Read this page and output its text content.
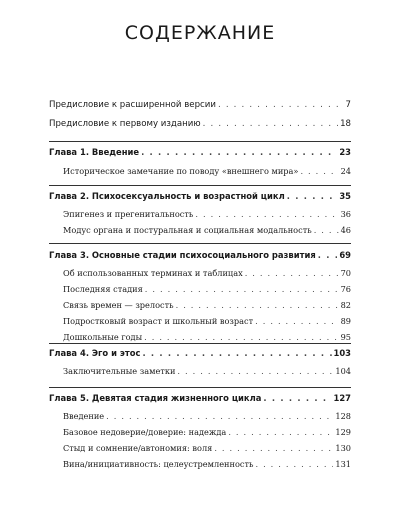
СОДЕРЖАНИЕ
Предисловие к расширенной версии . . .	7
Предисловие к первому изданию . . .	18
Глава 1. Введение . . .	23
Историческое замечание по поводу «внешнего мира» . . .	24
Глава 2. Психосексуальность и возрастной цикл . . .	35
Эпигенез и прегенитальность . . .	36
Модус органа и постуральная и социальная модальность . . .	46
Глава 3. Основные стадии психосоциального развития . . .	69
Об использованных терминах и таблицах . . .	70
Последняя стадия . . .	76
Связь времен — зрелость . . .	82
Подростковый возраст и школьный возраст . . .	89
Дошкольные годы . . .	95
Глава 4. Эго и этос . . .	103
Заключительные заметки . . .	104
Глава 5. Девятая стадия жизненного цикла . . .	127
Введение . . .	128
Базовое недоверие/доверие: надежда . . .	129
Стыд и сомнение/автономия: воля . . .	130
Вина/инициативность: целеустремленность . . .	131
